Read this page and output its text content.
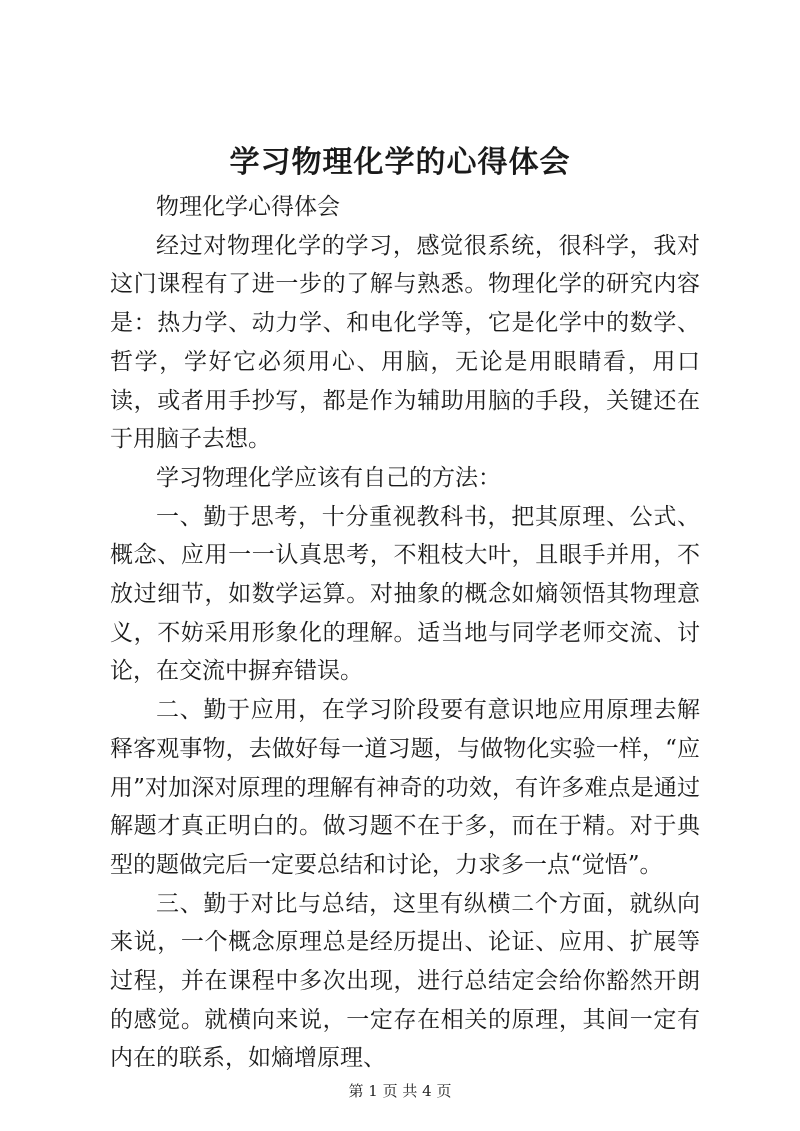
学习物理化学的心得体会

物理化学心得体会

经过对物理化学的学习，感觉很系统，很科学，我对这门课程有了进一步的了解与熟悉。物理化学的研究内容是：热力学、动力学、和电化学等，它是化学中的数学、哲学，学好它必须用心、用脑，无论是用眼睛看，用口读，或者用手抄写，都是作为辅助用脑的手段，关键还在于用脑子去想。

学习物理化学应该有自己的方法：

一、勤于思考，十分重视教科书，把其原理、公式、概念、应用一一认真思考，不粗枝大叶，且眼手并用，不放过细节，如数学运算。对抽象的概念如熵领悟其物理意义，不妨采用形象化的理解。适当地与同学老师交流、讨论，在交流中摒弃错误。

二、勤于应用，在学习阶段要有意识地应用原理去解释客观事物，去做好每一道习题，与做物化实验一样，“应用”对加深对原理的理解有神奇的功效，有许多难点是通过解题才真正明白的。做习题不在于多，而在于精。对于典型的题做完后一定要总结和讨论，力求多一点“觉悟”。

三、勤于对比与总结，这里有纵横二个方面，就纵向来说，一个概念原理总是经历提出、论证、应用、扩展等过程，并在课程中多次出现，进行总结定会给你豁然开朗的感觉。就横向来说，一定存在相关的原理，其间一定有内在的联系，如熵增原理、

第 1 页 共 4 页
